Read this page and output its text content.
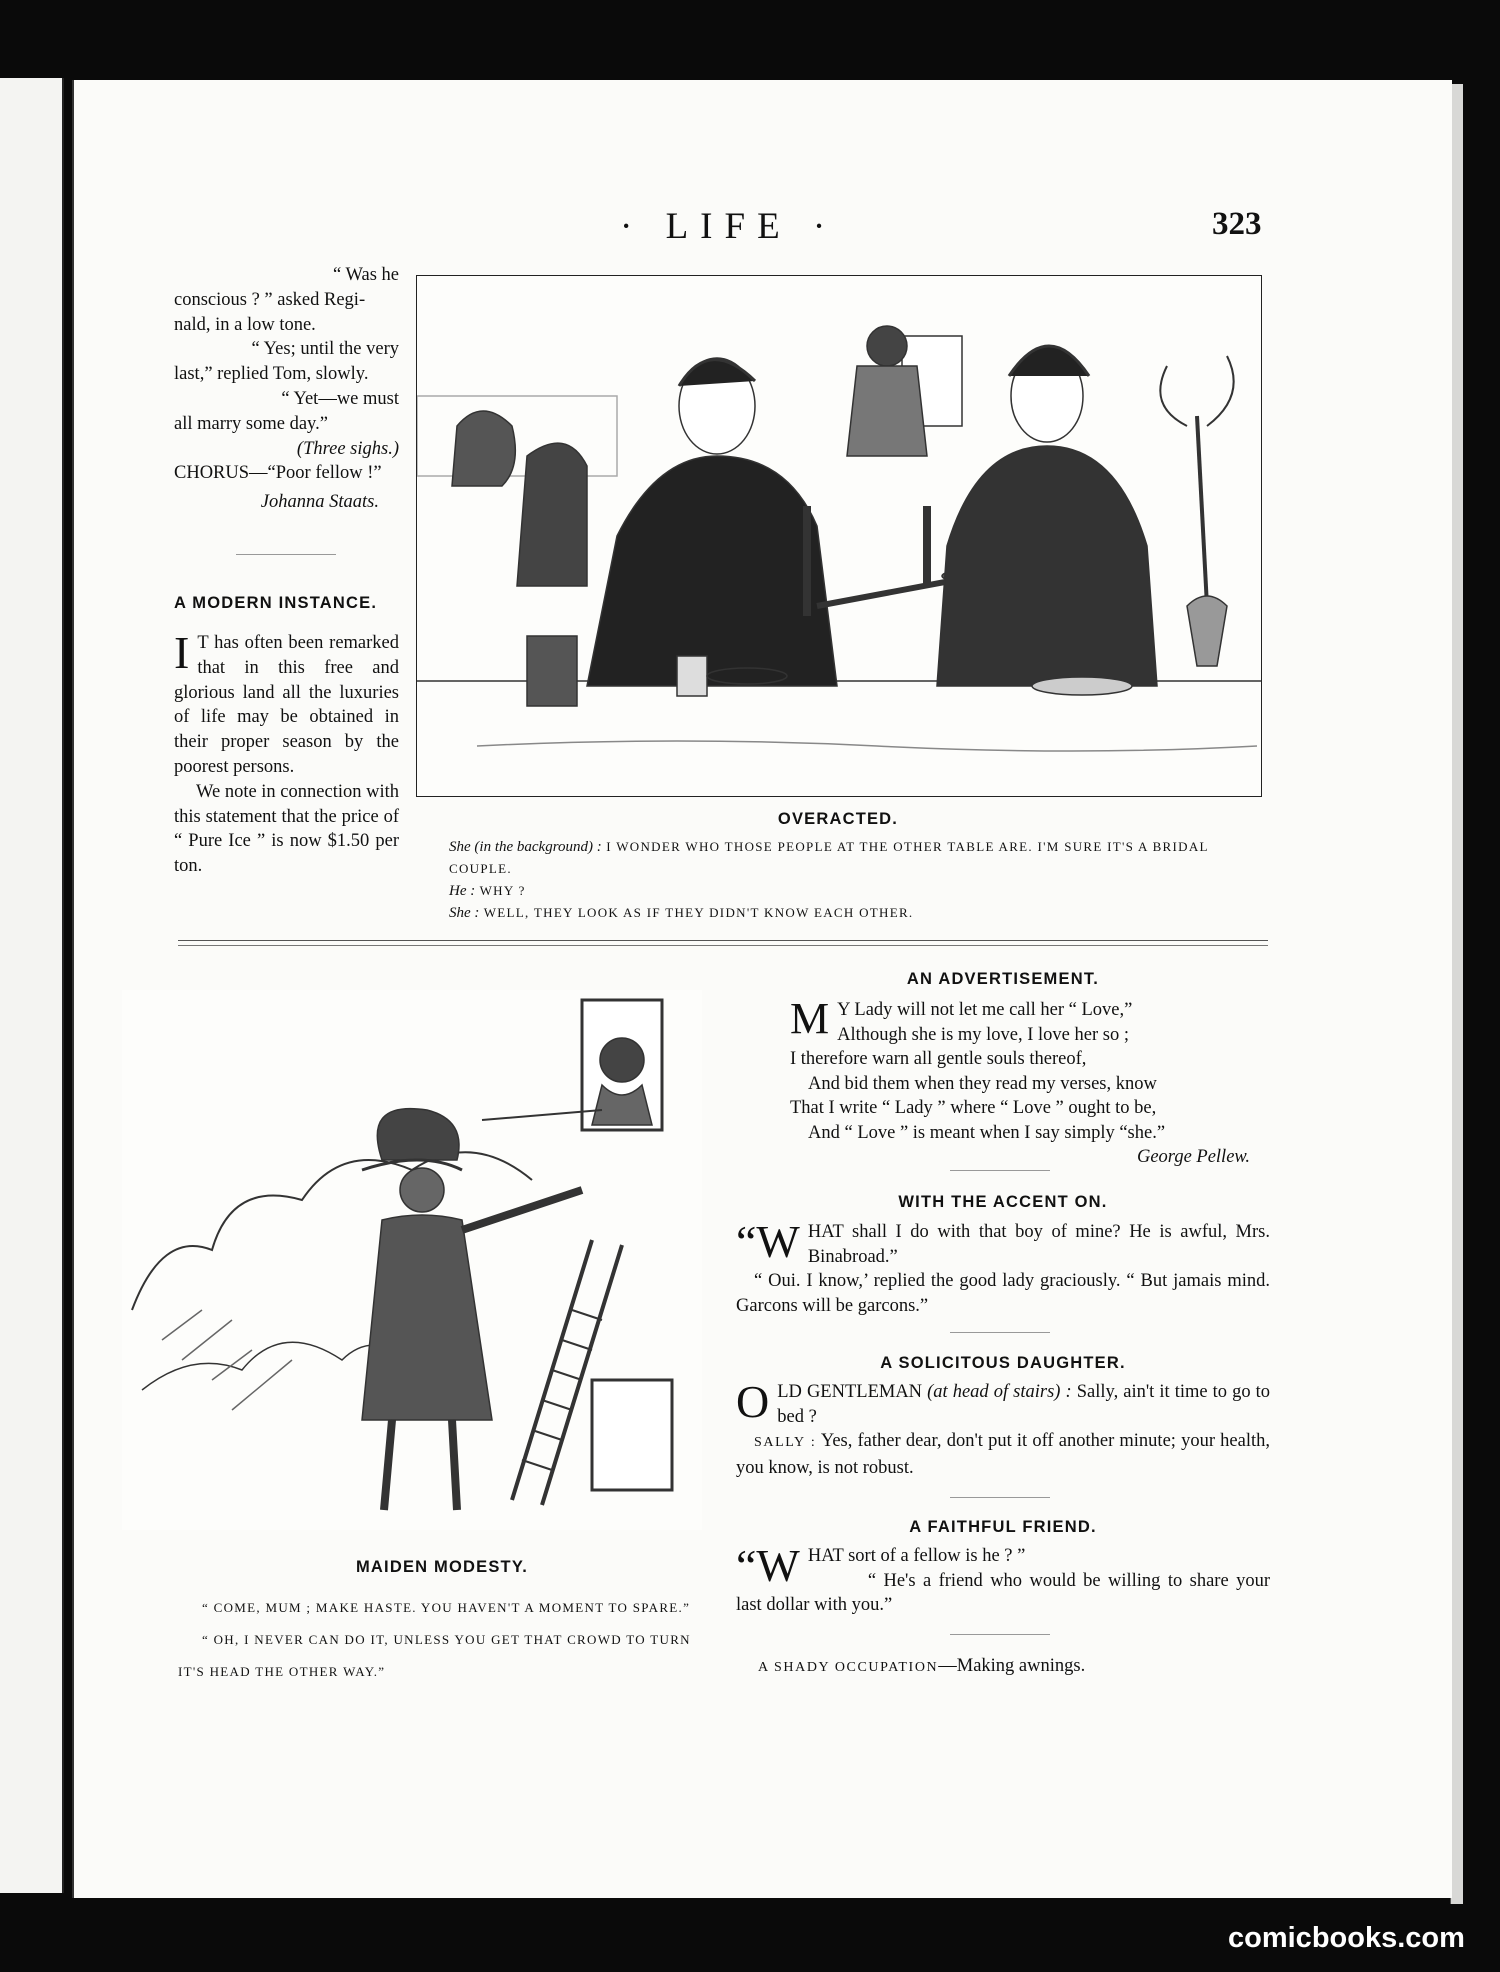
· LIFE ·	323
“ Was he
conscious ? ” asked Regi-
nald, in a low tone.
“ Yes; until the very
last,” replied Tom, slowly.
“ Yet—we must
all marry some day.”
(Three sighs.)
CHORUS—“Poor fellow !”
Johanna Staats.
A MODERN INSTANCE.
I T has often been remarked that in this free and glorious land all the luxuries of life may be obtained in their proper season by the poorest persons.
We note in connection with this statement that the price of “ Pure Ice ” is now $1.50 per ton.
OVERACTED.
She (in the background) : I WONDER WHO THOSE PEOPLE AT THE OTHER TABLE ARE. I'M SURE IT'S A BRIDAL COUPLE.
He : WHY ?
She : WELL, THEY LOOK AS IF THEY DIDN'T KNOW EACH OTHER.
MAIDEN MODESTY.
“ COME, MUM ; MAKE HASTE. YOU HAVEN'T A MOMENT TO SPARE.”
“ OH, I NEVER CAN DO IT, UNLESS YOU GET THAT CROWD TO TURN IT'S HEAD THE OTHER WAY.”
AN ADVERTISEMENT.
M Y Lady will not let me call her “ Love,”
Although she is my love, I love her so ;
I therefore warn all gentle souls thereof,
And bid them when they read my verses, know
That I write “ Lady ” where “ Love ” ought to be,
And “ Love ” is meant when I say simply “she.”
George Pellew.
WITH THE ACCENT ON.
“W HAT shall I do with that boy of mine? He is awful, Mrs. Binabroad.”
“ Oui. I know,’ replied the good lady graciously. “ But jamais mind. Garcons will be garcons.”
A SOLICITOUS DAUGHTER.
OLD GENTLEMAN (at head of stairs) : Sally, ain't it time to go to bed ?
SALLY : Yes, father dear, don't put it off another minute; your health, you know, is not robust.
A FAITHFUL FRIEND.
“W HAT sort of a fellow is he ? ”
“ He's a friend who would be willing to share your last dollar with you.”
A SHADY OCCUPATION—Making awnings.
comicbooks.com
